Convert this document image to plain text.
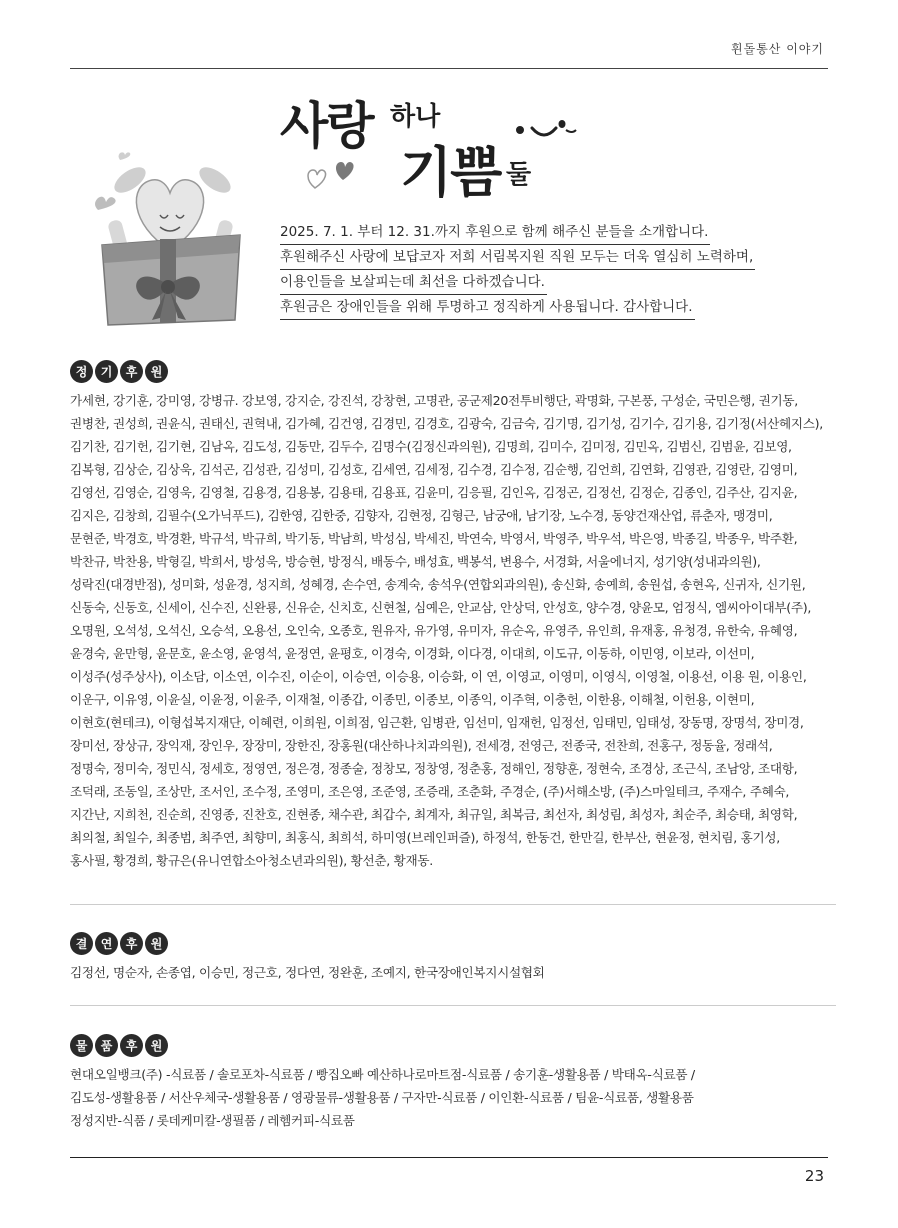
휜돌통산 이야기
사랑 하나
기쁨 둘
2025. 7. 1. 부터 12. 31.까지 후원으로 함께 해주신 분들을 소개합니다.
후원해주신 사랑에 보답코자 저희 서림복지원 직원 모두는 더욱 열심히 노력하며,
이용인들을 보살피는데 최선을 다하겠습니다.
후원금은 장애인들을 위해 투명하고 정직하게 사용됩니다. 감사합니다.
정	기	후	원

가세현, 강기훈, 강미영, 강병규. 강보영, 강지순, 강진석, 강창현, 고명관, 공군제20전투비행단, 곽명화, 구본풍, 구성순, 국민은행, 권기동,

권병찬, 권성희, 권윤식, 권태신, 권혁내, 김가혜, 김건영, 김경민, 김경호, 김광숙, 김금숙, 김기명, 김기성, 김기수, 김기용, 김기정(서산헤지스),

김기찬, 김기헌, 김기현, 김남옥, 김도성, 김동만, 김두수, 김명수(김정신과의원), 김명희, 김미수, 김미정, 김민옥, 김범신, 김범윤, 김보영,

김복형, 김상순, 김상욱, 김석곤, 김성관, 김성미, 김성호, 김세연, 김세정, 김수경, 김수정, 김순행, 김언희, 김연화, 김영관, 김영란, 김영미,

김영선, 김영순, 김영욱, 김영철, 김용경, 김용봉, 김용태, 김용표, 김윤미, 김응필, 김인옥, 김정곤, 김정선, 김정순, 김종인, 김주산, 김지윤,

김지은, 김창희, 김필수(오가닉푸드), 김한영, 김한중, 김향자, 김현정, 김형근, 남궁애, 남기장, 노수경, 동양건재산업, 류춘자, 맹경미,

문현준, 박경호, 박경환, 박규석, 박규희, 박기동, 박남희, 박성심, 박세진, 박연숙, 박영서, 박영주, 박우석, 박은영, 박종길, 박종우, 박주환,

박찬규, 박찬용, 박형길, 박희서, 방성욱, 방승현, 방정식, 배동수, 배성효, 백봉석, 변용수, 서경화, 서울에너지, 성기양(성내과의원),

성락진(대경반점), 성미화, 성윤경, 성지희, 성혜경, 손수연, 송계숙, 송석우(연합외과의원), 송신화, 송예희, 송원섭, 송현옥, 신귀자, 신기원,

신동숙, 신동호, 신세이, 신수진, 신완룡, 신유순, 신치호, 신현철, 심예은, 안교삼, 안상덕, 안성호, 양수경, 양윤모, 엄정식, 엠씨아이대부(주),

오명원, 오석성, 오석신, 오승석, 오용선, 오인숙, 오종호, 원유자, 유가영, 유미자, 유순옥, 유영주, 유인희, 유재홍, 유청경, 유한숙, 유혜영,

윤경숙, 윤만형, 윤문호, 윤소영, 윤영석, 윤정연, 윤평호, 이경숙, 이경화, 이다경, 이대희, 이도규, 이동하, 이민영, 이보라, 이선미,

이성주(성주상사), 이소담, 이소연, 이수진, 이순이, 이승연, 이승용, 이승화, 이 연, 이영교, 이영미, 이영식, 이영철, 이용선, 이용 원, 이용인,

이운구, 이유영, 이윤실, 이윤정, 이윤주, 이재철, 이종갑, 이종민, 이종보, 이종익, 이주혁, 이충헌, 이한용, 이해철, 이헌용, 이현미,

이현호(현테크), 이형섭복지재단, 이혜련, 이희원, 이희점, 임근환, 임병관, 임선미, 임재헌, 임정선, 임태민, 임태성, 장동명, 장명석, 장미경,

장미선, 장상규, 장익재, 장인우, 장장미, 장한진, 장홍원(대산하나치과의원), 전세경, 전영근, 전종국, 전찬희, 전홍구, 정동율, 정래석,

정명숙, 정미숙, 정민식, 정세호, 정영연, 정은경, 정종술, 정창모, 정창영, 정춘홍, 정해인, 정향훈, 정현숙, 조경상, 조근식, 조남앙, 조대항,

조덕래, 조동일, 조상만, 조서인, 조수정, 조영미, 조은영, 조준영, 조증래, 조춘화, 주경순, (주)서해소방, (주)스마일테크, 주재수, 주혜숙,

지간난, 지희천, 진순희, 진영종, 진찬호, 진현종, 채수관, 최갑수, 최계자, 최규일, 최복금, 최선자, 최성림, 최성자, 최순주, 최승태, 최영학,

최의철, 최일수, 최종범, 최주연, 최향미, 최홍식, 최희석, 하미영(브레인퍼즐), 하정석, 한동건, 한만길, 한부산, 현윤정, 현치림, 홍기성,

홍사필, 황경희, 황규은(유니연합소아청소년과의원), 황선춘, 황재동.

결	연	후	원

김정선, 명순자, 손종엽, 이승민, 정근호, 정다연, 정완훈, 조예지, 한국장애인복지시설협회

물	품	후	원

현대오일뱅크(주) -식료품 / 솔로포차-식료품 / 빵집오빠 예산하나로마트점-식료품 / 송기훈-생활용품 / 박태옥-식료품 /

김도성-생활용품 / 서산우체국-생활용품 / 영광물류-생활용품 / 구자만-식료품 / 이인환-식료품 / 팀윤-식료품, 생활용품

정성지반-식품 / 롯데케미칼-생필품 / 레헴커피-식료품

23
